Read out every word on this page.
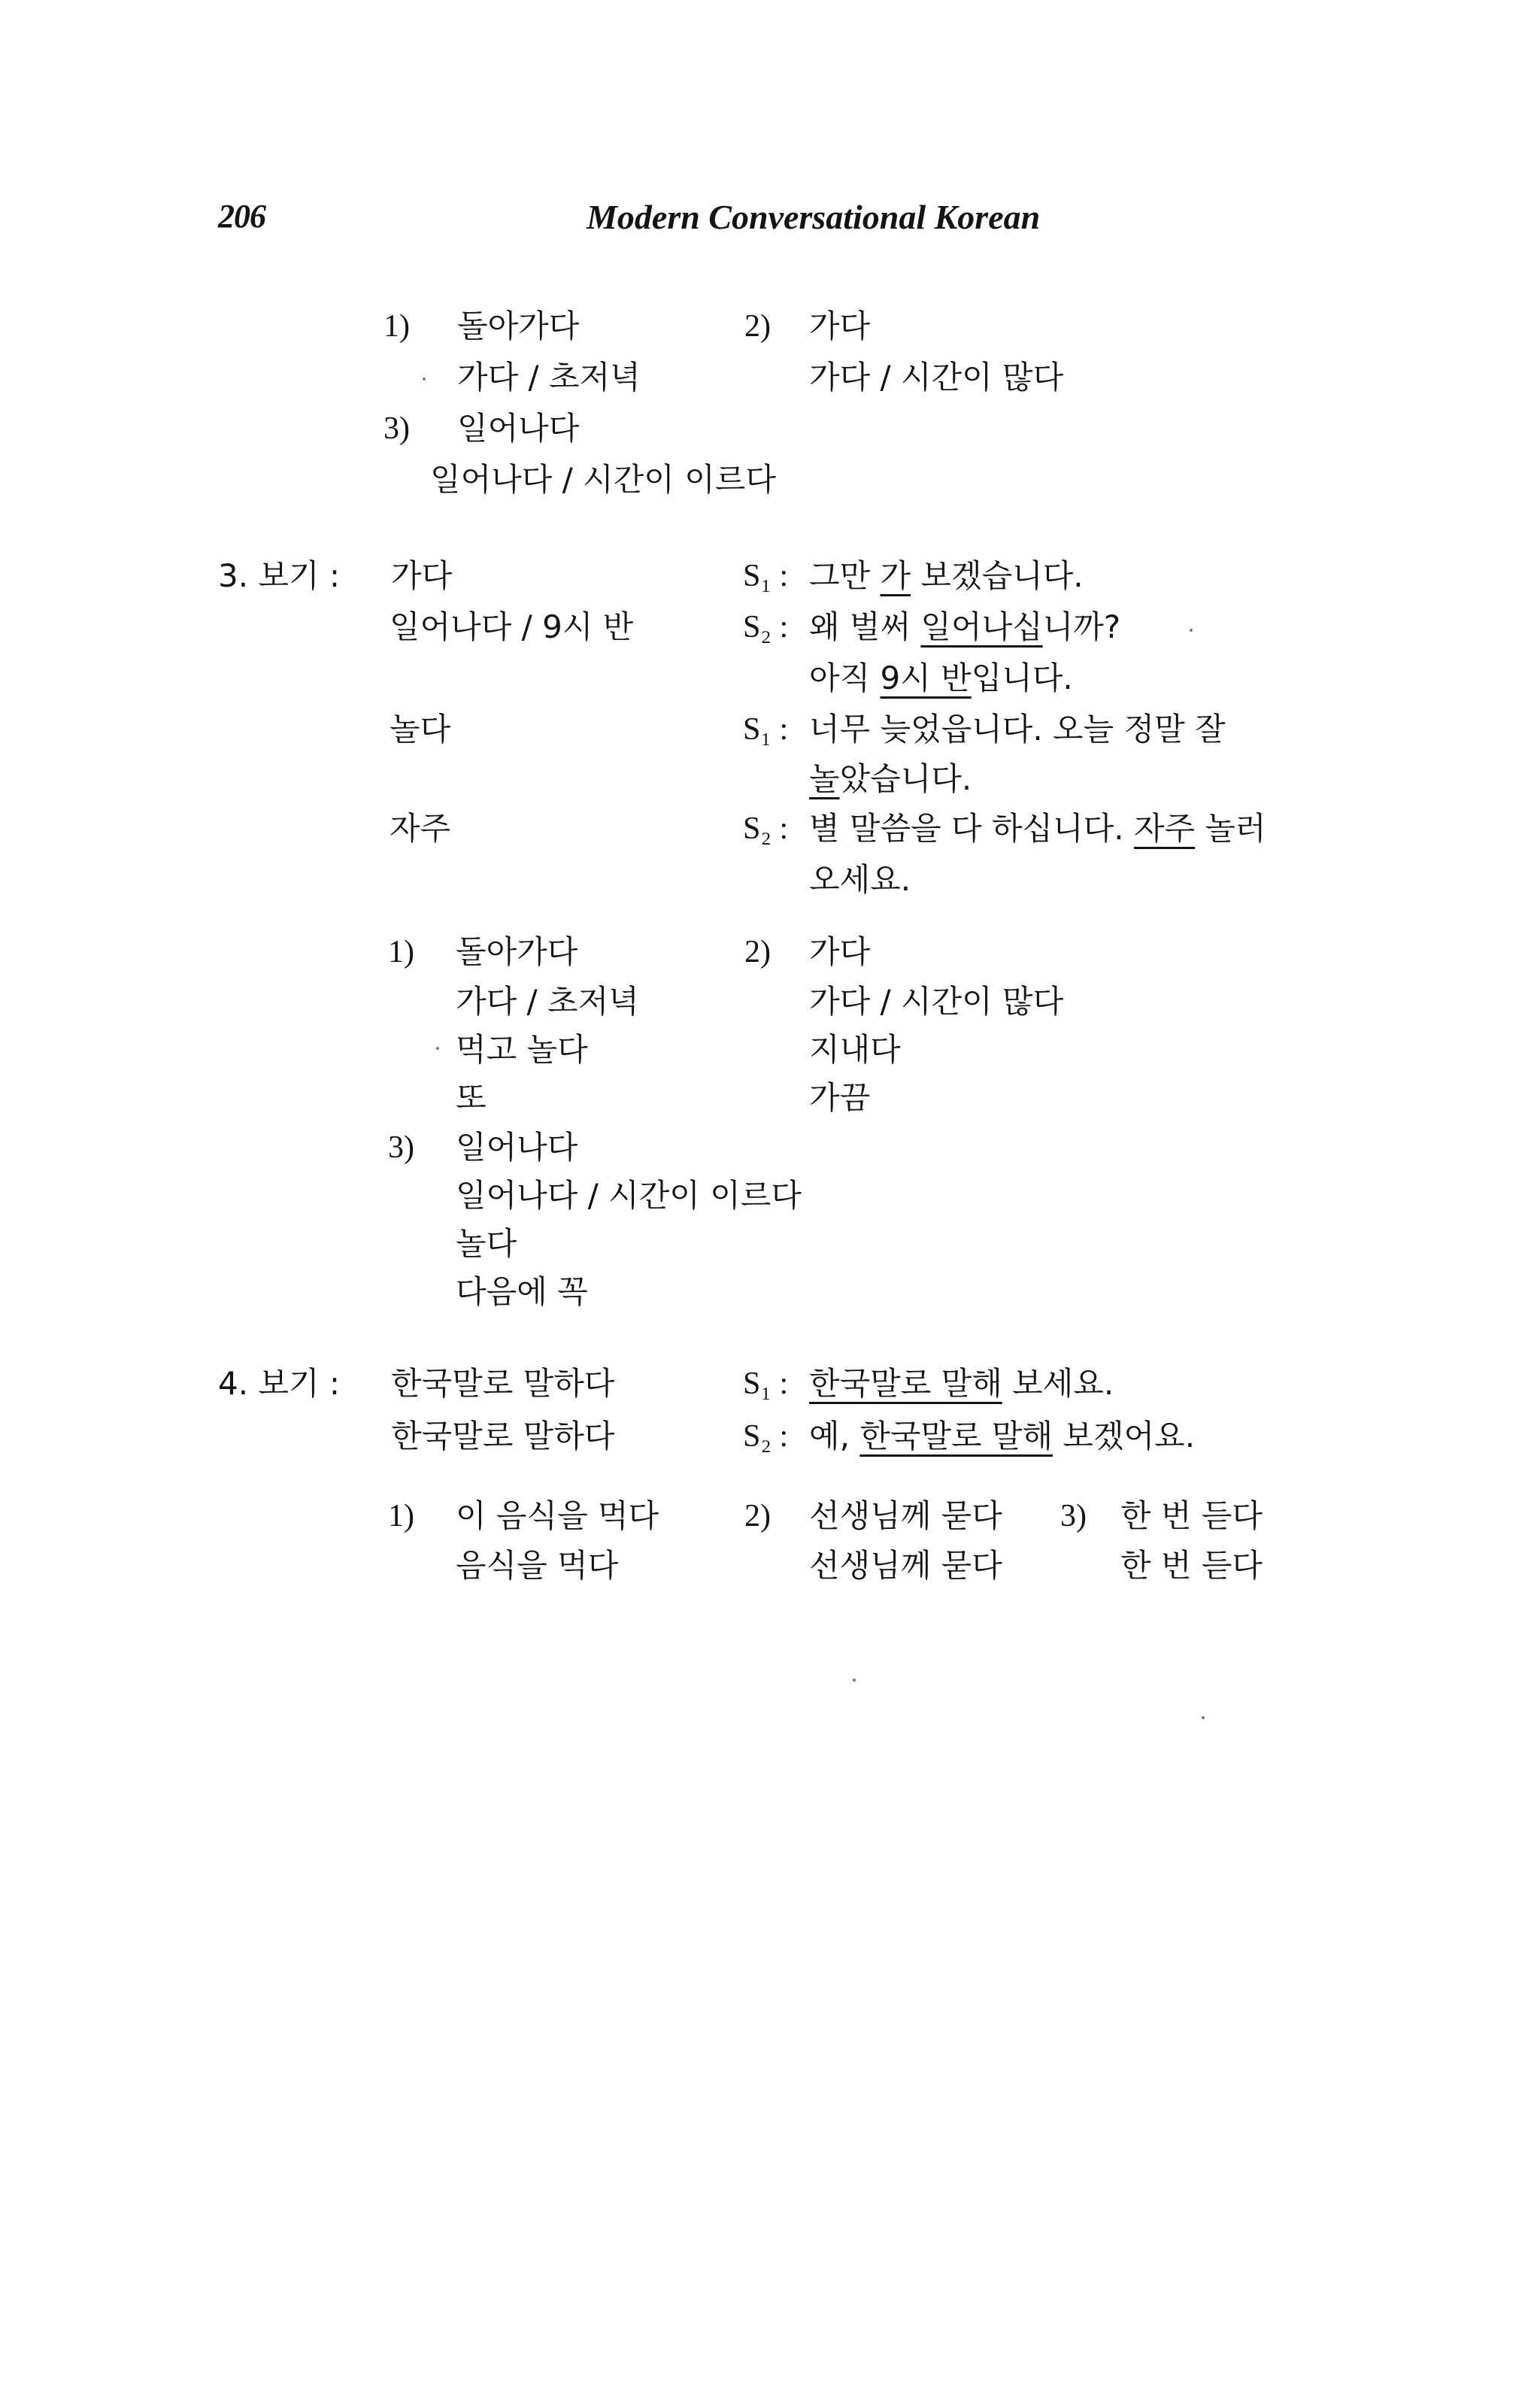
206	Modern Conversational Korean
1) 돌아가다
가다 / 초저녁
2) 가다
가다 / 시간이 많다
3) 일어나다
일어나다 / 시간이 이르다
3. 보기 : 가다
일어나다 / 9시 반
놀다
자주
S₁ : 그만 가 보겠습니다.
S₂ : 왜 벌써 일어나십니까?
아직 9시 반입니다.
S₁ : 너무 늦었읍니다. 오늘 정말 잘
놀았습니다.
S₂ : 별 말씀을 다 하십니다. 자주 놀러
오세요.
1) 돌아가다
가다 / 초저녁
먹고 놀다
또
2) 가다
가다 / 시간이 많다
지내다
가끔
3) 일어나다
일어나다 / 시간이 이르다
놀다
다음에 꼭
4. 보기 : 한국말로 말하다
한국말로 말하다
S₁ : 한국말로 말해 보세요.
S₂ : 예, 한국말로 말해 보겠어요.
1) 이 음식을 먹다
음식을 먹다
2) 선생님께 묻다
선생님께 묻다
3) 한 번 듣다
한 번 듣다
